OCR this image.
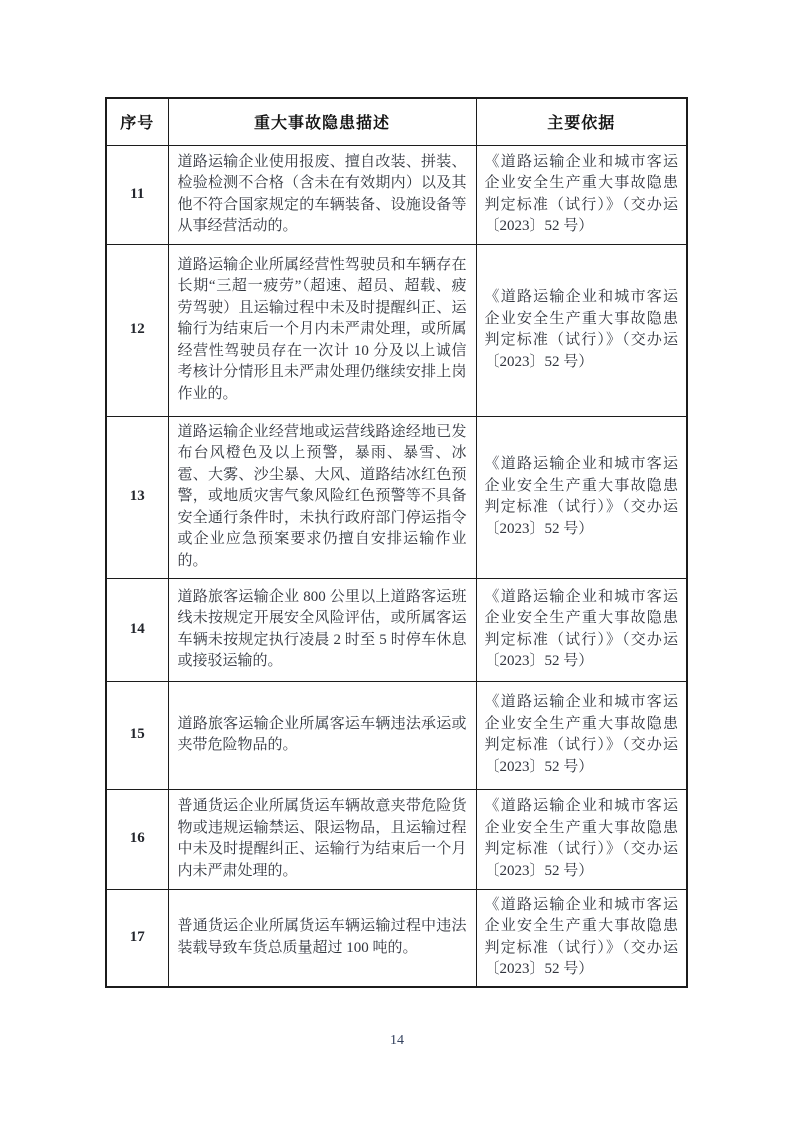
序号	重大事故隐患描述	主要依据
11	道路运输企业使用报废、擅自改装、拼装、检验检测不合格（含未在有效期内）以及其他不符合国家规定的车辆装备、设施设备等从事经营活动的。	《道路运输企业和城市客运企业安全生产重大事故隐患判定标准（试行）》（交办运〔2023〕52 号）
12	道路运输企业所属经营性驾驶员和车辆存在长期“三超一疲劳”（超速、超员、超载、疲劳驾驶）且运输过程中未及时提醒纠正、运输行为结束后一个月内未严肃处理，或所属经营性驾驶员存在一次计 10 分及以上诚信考核计分情形且未严肃处理仍继续安排上岗作业的。	《道路运输企业和城市客运企业安全生产重大事故隐患判定标准（试行）》（交办运〔2023〕52 号）
13	道路运输企业经营地或运营线路途经地已发布台风橙色及以上预警，暴雨、暴雪、冰雹、大雾、沙尘暴、大风、道路结冰红色预警，或地质灾害气象风险红色预警等不具备安全通行条件时，未执行政府部门停运指令或企业应急预案要求仍擅自安排运输作业的。	《道路运输企业和城市客运企业安全生产重大事故隐患判定标准（试行）》（交办运〔2023〕52 号）
14	道路旅客运输企业 800 公里以上道路客运班线未按规定开展安全风险评估，或所属客运车辆未按规定执行凌晨 2 时至 5 时停车休息或接驳运输的。	《道路运输企业和城市客运企业安全生产重大事故隐患判定标准（试行）》（交办运〔2023〕52 号）
15	道路旅客运输企业所属客运车辆违法承运或夹带危险物品的。	《道路运输企业和城市客运企业安全生产重大事故隐患判定标准（试行）》（交办运〔2023〕52 号）
16	普通货运企业所属货运车辆故意夹带危险货物或违规运输禁运、限运物品，且运输过程中未及时提醒纠正、运输行为结束后一个月内未严肃处理的。	《道路运输企业和城市客运企业安全生产重大事故隐患判定标准（试行）》（交办运〔2023〕52 号）
17	普通货运企业所属货运车辆运输过程中违法装载导致车货总质量超过 100 吨的。	《道路运输企业和城市客运企业安全生产重大事故隐患判定标准（试行）》（交办运〔2023〕52 号）
14
